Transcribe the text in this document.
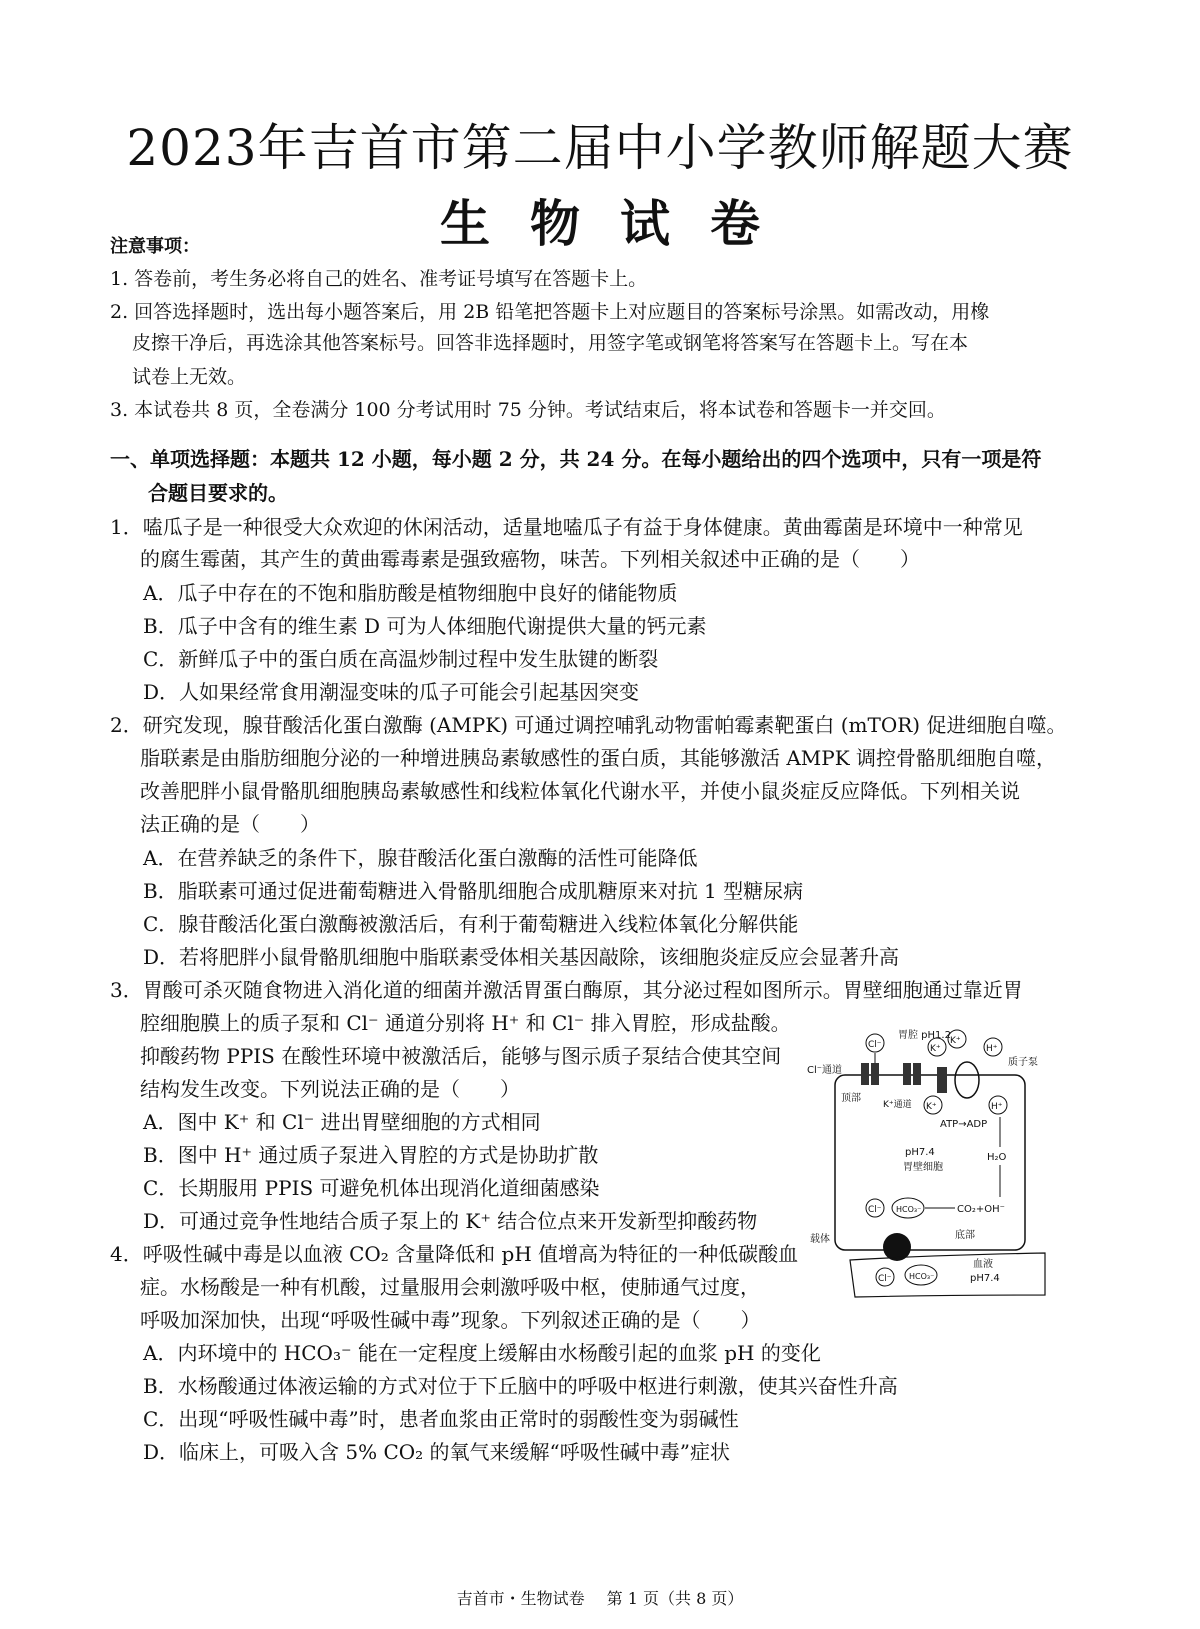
2023年吉首市第二届中小学教师解题大赛
生物试卷
注意事项：
1. 答卷前，考生务必将自己的姓名、准考证号填写在答题卡上。
2. 回答选择题时，选出每小题答案后，用 2B 铅笔把答题卡上对应题目的答案标号涂黑。如需改动，用橡
皮擦干净后，再选涂其他答案标号。回答非选择题时，用签字笔或钢笔将答案写在答题卡上。写在本
试卷上无效。
3. 本试卷共 8 页，全卷满分 100 分考试用时 75 分钟。考试结束后，将本试卷和答题卡一并交回。
一、单项选择题：本题共 12 小题，每小题 2 分，共 24 分。在每小题给出的四个选项中，只有一项是符
合题目要求的。
1．嗑瓜子是一种很受大众欢迎的休闲活动，适量地嗑瓜子有益于身体健康。黄曲霉菌是环境中一种常见
的腐生霉菌，其产生的黄曲霉毒素是强致癌物，味苦。下列相关叙述中正确的是（　　）
A．瓜子中存在的不饱和脂肪酸是植物细胞中良好的储能物质
B．瓜子中含有的维生素 D 可为人体细胞代谢提供大量的钙元素
C．新鲜瓜子中的蛋白质在高温炒制过程中发生肽键的断裂
D．人如果经常食用潮湿变味的瓜子可能会引起基因突变
2．研究发现，腺苷酸活化蛋白激酶 (AMPK) 可通过调控哺乳动物雷帕霉素靶蛋白 (mTOR) 促进细胞自噬。
脂联素是由脂肪细胞分泌的一种增进胰岛素敏感性的蛋白质，其能够激活 AMPK 调控骨骼肌细胞自噬，
改善肥胖小鼠骨骼肌细胞胰岛素敏感性和线粒体氧化代谢水平，并使小鼠炎症反应降低。下列相关说
法正确的是（　　）
A．在营养缺乏的条件下，腺苷酸活化蛋白激酶的活性可能降低
B．脂联素可通过促进葡萄糖进入骨骼肌细胞合成肌糖原来对抗 1 型糖尿病
C．腺苷酸活化蛋白激酶被激活后，有利于葡萄糖进入线粒体氧化分解供能
D．若将肥胖小鼠骨骼肌细胞中脂联素受体相关基因敲除，该细胞炎症反应会显著升高
3．胃酸可杀灭随食物进入消化道的细菌并激活胃蛋白酶原，其分泌过程如图所示。胃壁细胞通过靠近胃
腔细胞膜上的质子泵和 Cl⁻ 通道分别将 H⁺ 和 Cl⁻ 排入胃腔，形成盐酸。
抑酸药物 PPIS 在酸性环境中被激活后，能够与图示质子泵结合使其空间
结构发生改变。下列说法正确的是（　　）
A．图中 K⁺ 和 Cl⁻ 进出胃壁细胞的方式相同
B．图中 H⁺ 通过质子泵进入胃腔的方式是协助扩散
C．长期服用 PPIS 可避免机体出现消化道细菌感染
D．可通过竞争性地结合质子泵上的 K⁺ 结合位点来开发新型抑酸药物
4．呼吸性碱中毒是以血液 CO₂ 含量降低和 pH 值增高为特征的一种低碳酸血
症。水杨酸是一种有机酸，过量服用会刺激呼吸中枢，使肺通气过度，
呼吸加深加快，出现“呼吸性碱中毒”现象。下列叙述正确的是（　　）
A．内环境中的 HCO₃⁻ 能在一定程度上缓解由水杨酸引起的血浆 pH 的变化
B．水杨酸通过体液运输的方式对位于下丘脑中的呼吸中枢进行刺激，使其兴奋性升高
C．出现“呼吸性碱中毒”时，患者血浆由正常时的弱酸性变为弱碱性
D．临床上，可吸入含 5% CO₂ 的氧气来缓解“呼吸性碱中毒”症状
胃腔 pH1.2
Cl⁻	K⁺
K⁺
H⁺
质子泵
Cl⁻通道
顶部
K⁺通道 K⁺	H⁺
ATP→ADP
pH7.4
胃壁细胞
H₂O
Cl⁻ HCO₃⁻	CO₂+OH⁻
底部
载体
Cl⁻ HCO₃⁻
血液
pH7.4
吉首市・生物试卷 第 1 页（共 8 页）
